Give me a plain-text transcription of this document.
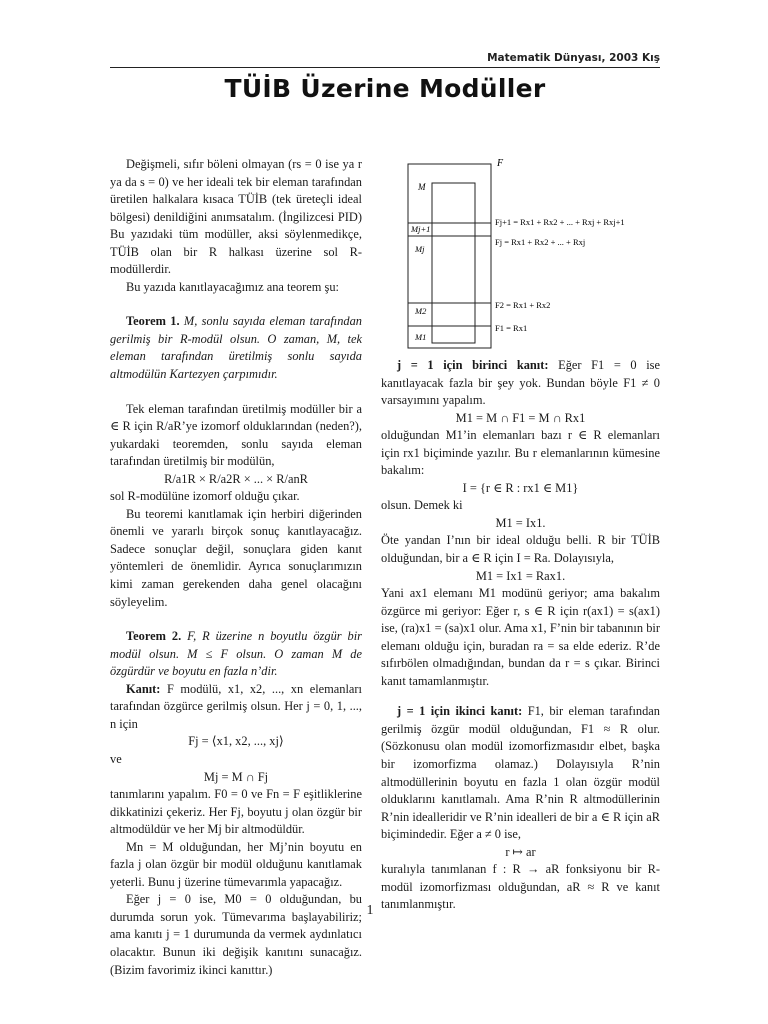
Matematik Dünyası, 2003 Kış
TÜİB Üzerine Modüller

Değişmeli, sıfır böleni olmayan (rs = 0 ise ya r ya da s = 0) ve her ideali tek bir eleman tarafından üretilen halkalara kısaca TÜİB (tek üreteçli ideal bölgesi) denildiğini anımsatalım. (İngilizcesi PID) Bu yazıdaki tüm modüller, aksi söylenmedikçe, TÜİB olan bir R halkası üzerine sol R-modüllerdir.

Bu yazıda kanıtlayacağımız ana teorem şu:

Teorem 1. M, sonlu sayıda eleman tarafından gerilmiş bir R-modül olsun. O zaman, M, tek eleman tarafından üretilmiş sonlu sayıda altmodülün Kartezyen çarpımıdır.

Tek eleman tarafından üretilmiş modüller bir a ∈ R için R/aR’ye izomorf olduklarından (neden?), yukardaki teoremden, sonlu sayıda eleman tarafından üretilmiş bir modülün,

R/a1R × R/a2R × ... × R/anR

sol R-modülüne izomorf olduğu çıkar.

Bu teoremi kanıtlamak için herbiri diğerinden önemli ve yararlı birçok sonuç kanıtlayacağız. Sadece sonuçlar değil, sonuçlara giden kanıt yöntemleri de önemlidir. Ayrıca sonuçlarımızın kimi zaman gerekenden daha genel olacağını söyleyelim.

Teorem 2. F, R üzerine n boyutlu özgür bir modül olsun. M ≤ F olsun. O zaman M de özgürdür ve boyutu en fazla n’dir.

Kanıt: F modülü, x1, x2, ..., xn elemanları tarafından özgürce gerilmiş olsun. Her j = 0, 1, ..., n için

Fj = ⟨x1, x2, ..., xj⟩

ve

Mj = M ∩ Fj

tanımlarını yapalım. F0 = 0 ve Fn = F eşitliklerine dikkatinizi çekeriz. Her Fj, boyutu j olan özgür bir altmodüldür ve her Mj bir altmodüldür.

Mn = M olduğundan, her Mj’nin boyutu en fazla j olan özgür bir modül olduğunu kanıtlamak yeterli. Bunu j üzerine tümevarımla yapacağız.

Eğer j = 0 ise, M0 = 0 olduğundan, bu durumda sorun yok. Tümevarıma başlayabiliriz; ama kanıtı j = 1 durumunda da vermek aydınlatıcı olacaktır. Bunun iki değişik kanıtını sunacağız. (Bizim favorimiz ikinci kanıttır.)

F
M
Mj+1
Mj
M2
M1
Fj+1 = Rx1 + Rx2 + ... + Rxj + Rxj+1
Fj = Rx1 + Rx2 + ... + Rxj
F2 = Rx1 + Rx2
F1 = Rx1

j = 1 için birinci kanıt: Eğer F1 = 0 ise kanıtlayacak fazla bir şey yok. Bundan böyle F1 ≠ 0 varsayımını yapalım.

M1 = M ∩ F1 = M ∩ Rx1

olduğundan M1’in elemanları bazı r ∈ R elemanları için rx1 biçiminde yazılır. Bu r elemanlarının kümesine bakalım:

I = {r ∈ R : rx1 ∈ M1}

olsun. Demek ki

M1 = Ix1.

Öte yandan I’nın bir ideal olduğu belli. R bir TÜİB olduğundan, bir a ∈ R için I = Ra. Dolayısıyla,

M1 = Ix1 = Rax1.

Yani ax1 elemanı M1 modünü geriyor; ama bakalım özgürce mi geriyor: Eğer r, s ∈ R için r(ax1) = s(ax1) ise, (ra)x1 = (sa)x1 olur. Ama x1, F’nin bir tabanının bir elemanı olduğu için, buradan ra = sa elde ederiz. R’de sıfırbölen olmadığından, bundan da r = s çıkar. Birinci kanıt tamamlanmıştır.

j = 1 için ikinci kanıt: F1, bir eleman tarafından gerilmiş özgür modül olduğundan, F1 ≈ R olur. (Sözkonusu olan modül izomorfizmasıdır elbet, başka bir izomorfizma olamaz.) Dolayısıyla R’nin altmodüllerinin boyutu en fazla 1 olan özgür modül olduklarını kanıtlamalı. Ama R’nin R altmodüllerinin R’nin idealleridir ve R’nin idealleri de bir a ∈ R için aR biçimindedir. Eğer a ≠ 0 ise,

r ↦ ar

kuralıyla tanımlanan f : R → aR fonksiyonu bir R-modül izomorfizması olduğundan, aR ≈ R ve kanıt tanımlanmıştır.

1
